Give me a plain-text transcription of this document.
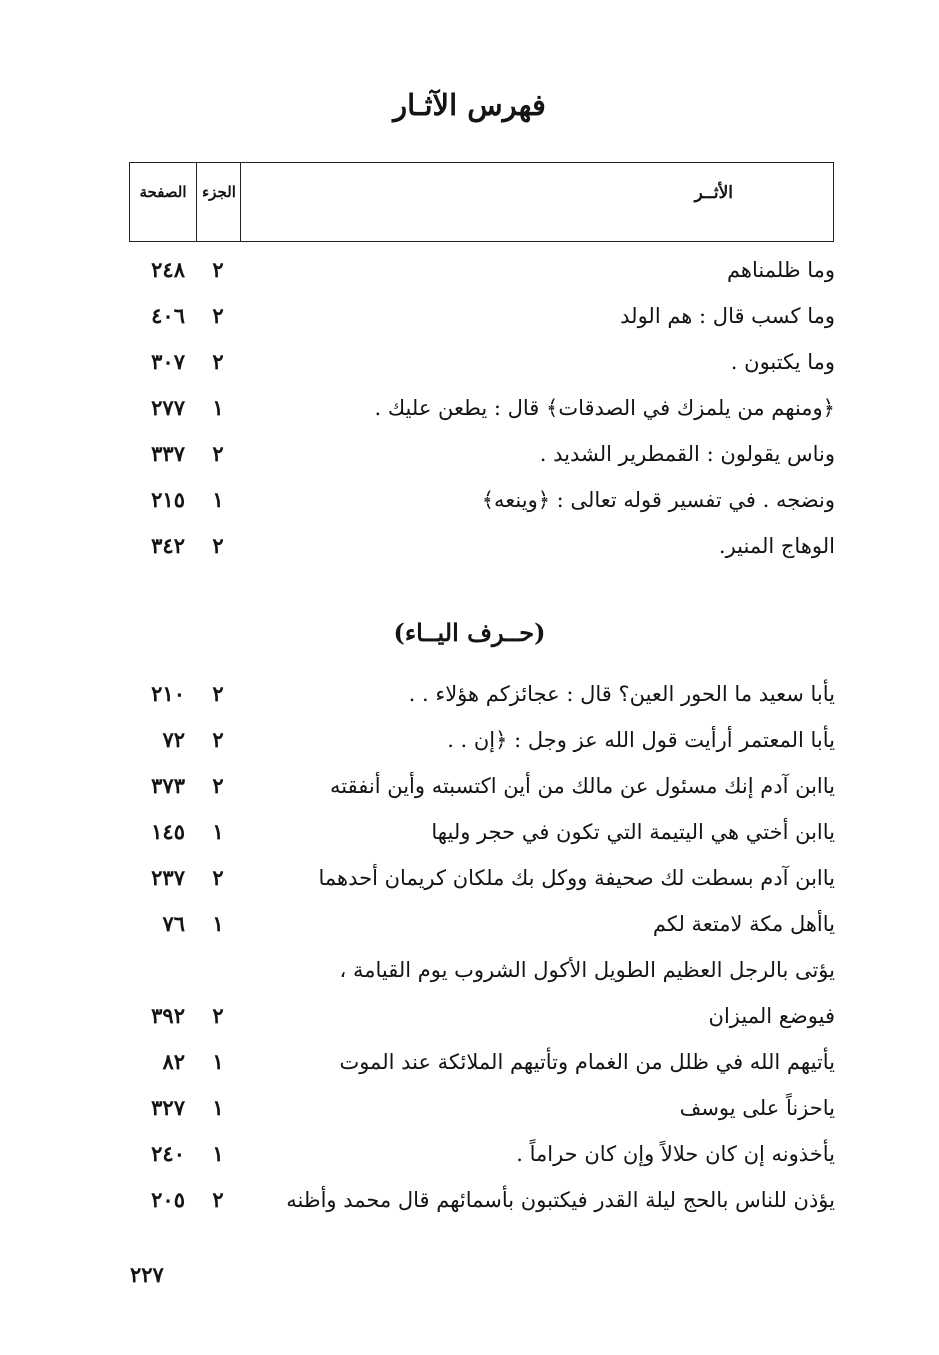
فهرس الآثـار
الأثــر
الجزء
الصفحة
وما ظلمناهم
٢
٢٤٨
وما كسب قال : هم الولد
٢
٤٠٦
وما يكتبون .
٢
٣٠٧
﴿ومنهم من يلمزك في الصدقات﴾ قال : يطعن عليك .
١
٢٧٧
وناس يقولون : القمطرير الشديد .
٢
٣٣٧
ونضجه . في تفسير قوله تعالى : ﴿وينعه﴾
١
٢١٥
الوهاج المنير.
٢
٣٤٢
(حــرف اليــاء)
يأبا سعيد ما الحور العين؟ قال : عجائزكم هؤلاء . .
٢
٢١٠
يأبا المعتمر أرأيت قول الله عز وجل : ﴿إن . .
٢
٧٢
ياابن آدم إنك مسئول عن مالك من أين اكتسبته وأين أنفقته
٢
٣٧٣
ياابن أختي هي اليتيمة التي تكون في حجر وليها
١
١٤٥
ياابن آدم بسطت لك صحيفة ووكل بك ملكان كريمان أحدهما
٢
٢٣٧
ياأهل مكة لامتعة لكم
١
٧٦
يؤتى بالرجل العظيم الطويل الأكول الشروب يوم القيامة ،
فيوضع الميزان
٢
٣٩٢
يأتيهم الله في ظلل من الغمام وتأتيهم الملائكة عند الموت
١
٨٢
ياحزناً على يوسف
١
٣٢٧
يأخذونه إن كان حلالاً وإن كان حراماً .
١
٢٤٠
يؤذن للناس بالحج ليلة القدر فيكتبون بأسمائهم قال محمد وأظنه
٢
٢٠٥
٢٢٧
